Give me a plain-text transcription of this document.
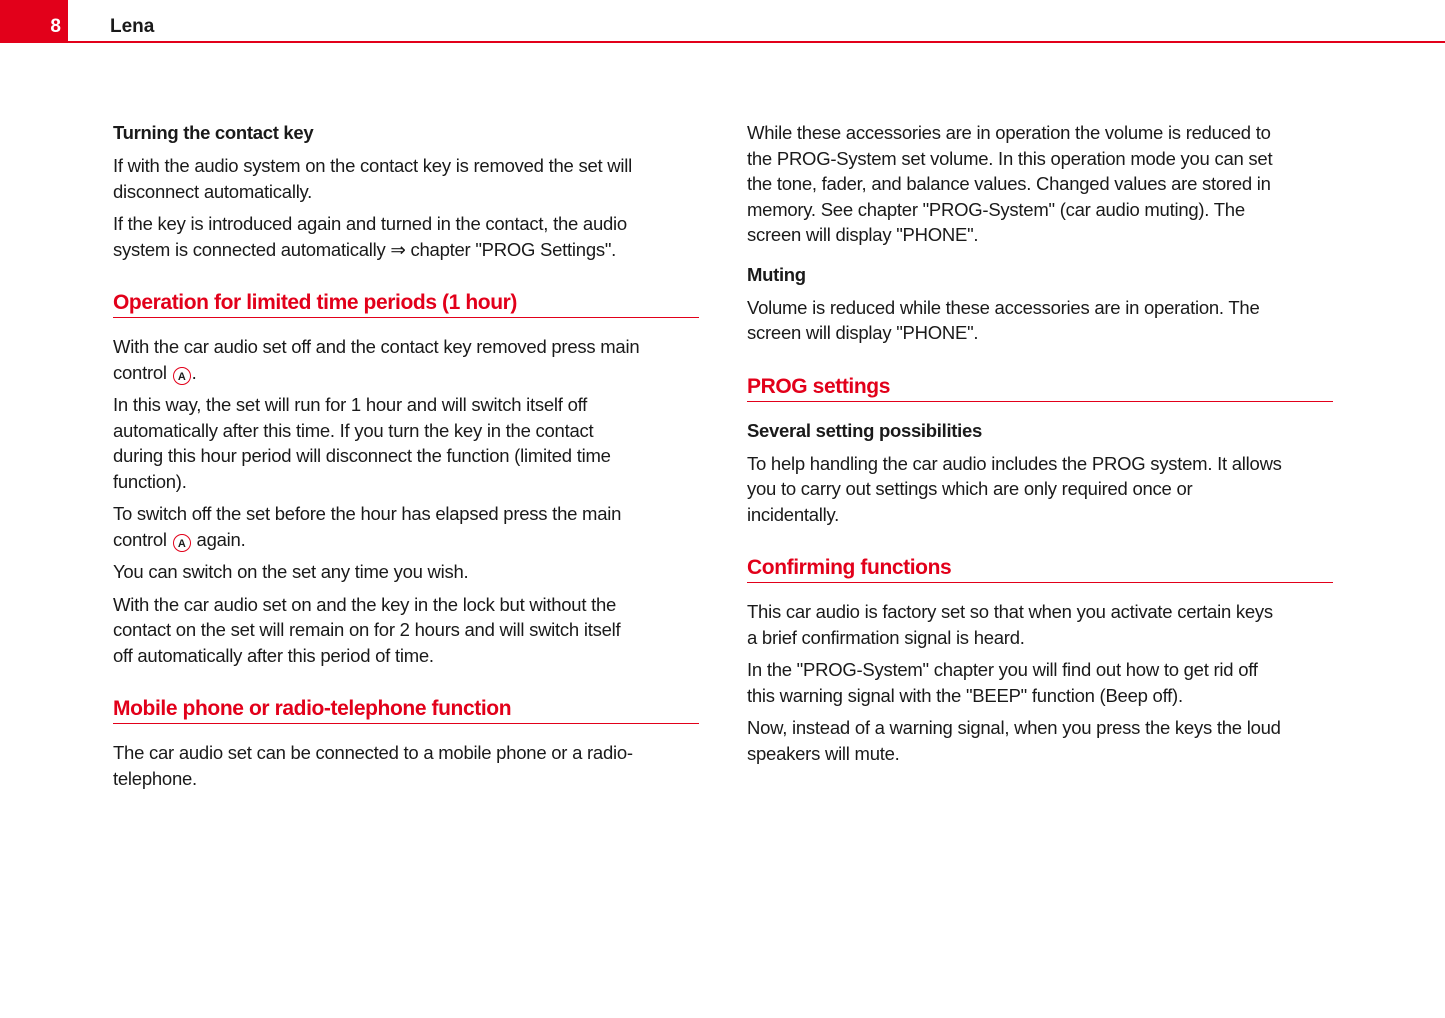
8	Lena
Turning the contact key
If with the audio system on the contact key is removed the set will
disconnect automatically.
If the key is introduced again and turned in the contact, the audio
system is connected automatically ⇒ chapter "PROG Settings".
Operation for limited time periods (1 hour)
With the car audio set off and the contact key removed press main
control A .
In this way, the set will run for 1 hour and will switch itself off
automatically after this time. If you turn the key in the contact
during this hour period will disconnect the function (limited time
function).
To switch off the set before the hour has elapsed press the main
control A again.
You can switch on the set any time you wish.
With the car audio set on and the key in the lock but without the
contact on the set will remain on for 2 hours and will switch itself
off automatically after this period of time.
Mobile phone or radio-telephone function
The car audio set can be connected to a mobile phone or a radio-
telephone.
While these accessories are in operation the volume is reduced to
the PROG-System set volume. In this operation mode you can set
the tone, fader, and balance values. Changed values are stored in
memory. See chapter "PROG-System" (car audio muting). The
screen will display "PHONE".
Muting
Volume is reduced while these accessories are in operation. The
screen will display "PHONE".
PROG settings
Several setting possibilities
To help handling the car audio includes the PROG system. It allows
you to carry out settings which are only required once or
incidentally.
Confirming functions
This car audio is factory set so that when you activate certain keys
a brief confirmation signal is heard.
In the "PROG-System" chapter you will find out how to get rid off
this warning signal with the "BEEP" function (Beep off).
Now, instead of a warning signal, when you press the keys the loud
speakers will mute.
